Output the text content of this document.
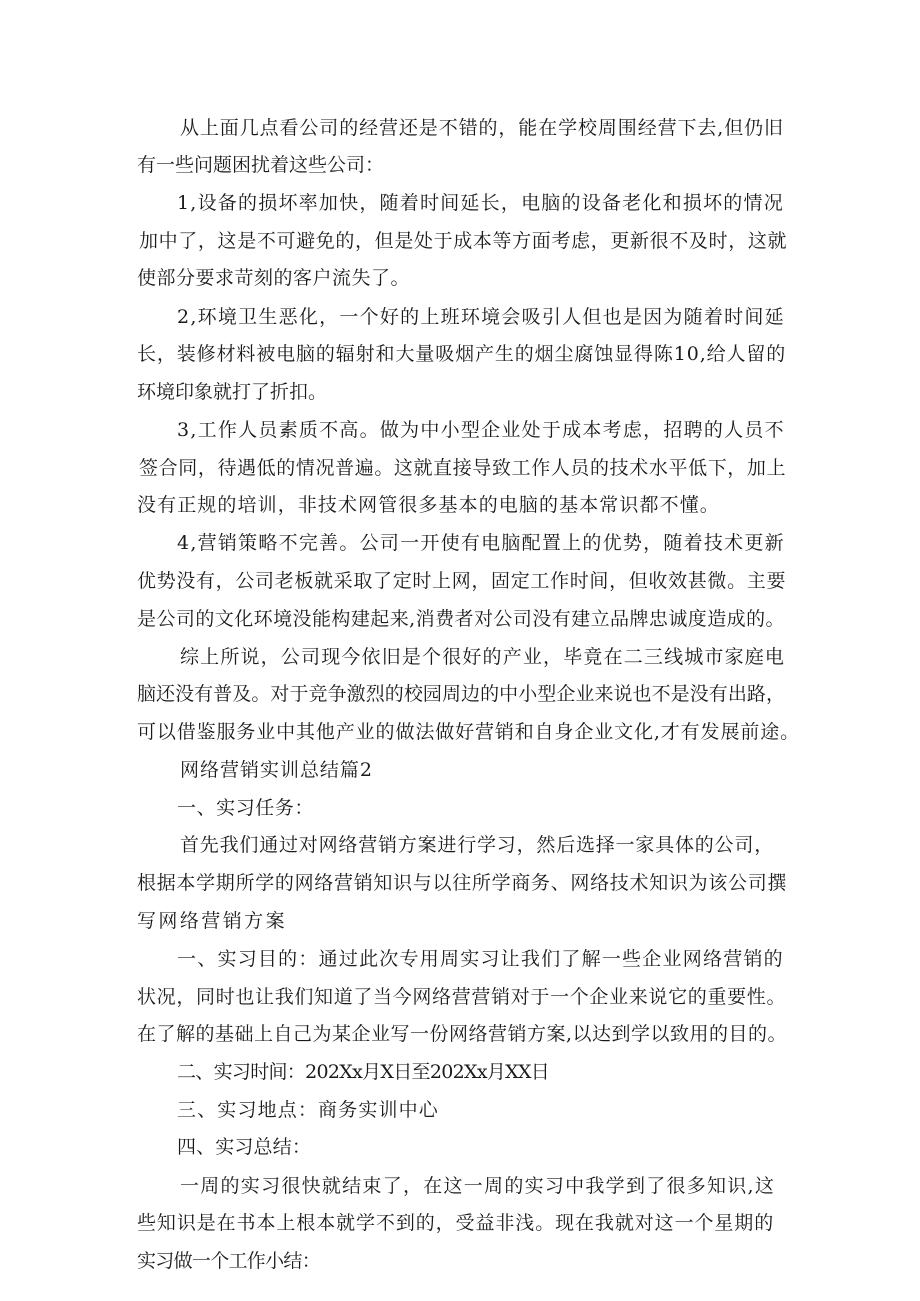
从上面几点看公司的经营还是不错的，能在学校周围经营下去,但仍旧
有一些问题困扰着这些公司：
1,设备的损坏率加快，随着时间延长，电脑的设备老化和损坏的情况
加中了，这是不可避免的，但是处于成本等方面考虑，更新很不及时，这就
使部分要求苛刻的客户流失了。
2,环境卫生恶化，一个好的上班环境会吸引人但也是因为随着时间延
长，装修材料被电脑的辐射和大量吸烟产生的烟尘腐蚀显得陈10,给人留的
环境印象就打了折扣。
3,工作人员素质不高。做为中小型企业处于成本考虑，招聘的人员不
签合同，待遇低的情况普遍。这就直接导致工作人员的技术水平低下，加上
没有正规的培训，非技术网管很多基本的电脑的基本常识都不懂。
4,营销策略不完善。公司一开使有电脑配置上的优势，随着技术更新
优势没有，公司老板就采取了定时上网，固定工作时间，但收效甚微。主要
是公司的文化环境没能构建起来,消费者对公司没有建立品牌忠诚度造成的。
综上所说，公司现今依旧是个很好的产业，毕竟在二三线城市家庭电
脑还没有普及。对于竞争激烈的校园周边的中小型企业来说也不是没有出路，
可以借鉴服务业中其他产业的做法做好营销和自身企业文化,才有发展前途。
网络营销实训总结篇2
一、实习任务：
首先我们通过对网络营销方案进行学习，然后选择一家具体的公司，
根据本学期所学的网络营销知识与以往所学商务、网络技术知识为该公司撰
写网络营销方案
一、实习目的：通过此次专用周实习让我们了解一些企业网络营销的
状况，同时也让我们知道了当今网络营营销对于一个企业来说它的重要性。
在了解的基础上自己为某企业写一份网络营销方案,以达到学以致用的目的。
二、实习时间：202Xx月X日至202Xx月XX日
三、实习地点：商务实训中心
四、实习总结：
一周的实习很快就结束了，在这一周的实习中我学到了很多知识,这
些知识是在书本上根本就学不到的，受益非浅。现在我就对这一个星期的
实习做一个工作小结：
